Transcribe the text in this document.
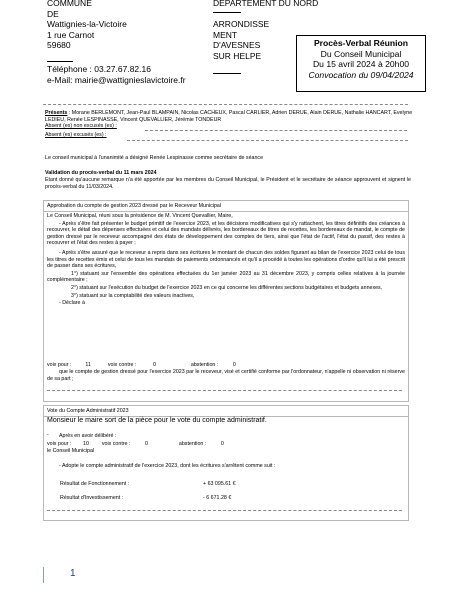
COMMUNE
DE
Wattignies-la-Victoire
1 rue Carnot
59680
Téléphone : 03.27.67.82.16
e-Mail: mairie@wattignieslavictoire.fr
DEPARTEMENT DU NORD
ARRONDISSE
MENT
D'AVESNES
SUR HELPE
Procès-Verbal Réunion
Du Conseil Municipal
Du 15 avril 2024 à 20h00
Convocation du 09/04/2024
Présents : Morane BERLEMONT, Jean-Paul BLAMPAIN, Nicolas CACHEUX, Pascal CARLIER, Adrien DERUE, Alain DERUE, Nathalie HANCART, Evelyne LEDIEU, Renée LESPINASSE, Vincent QUEVALLIER, Jérémie TONDEUR
Absent (es) non excusés (es) :
Absent (es) excusés (es) :
Le conseil municipal à l'unanimité a désigné Renée Lespinasse comme secrétaire de séance
Validation du procès-verbal du 11 mars 2024
Etant donné qu'aucune remarque n'a été apportée par les membres du Conseil Municipal, le Président et le secrétaire de séance approuvent et signent le procès-verbal du 11/03/2024.
Approbation du compte de gestion 2023 dressé par le Receveur Municipal
Le Conseil Municipal, réuni sous la présidence de M. Vincent Quevallier, Maire,
- Après s'être fait présenter le budget primitif de l'exercice 2023, et les décisions modificatives qui s'y rattachent, les titres définitifs des créances à recouvrer, le détail des dépenses effectuées et celui des mandats délivrés, les bordereaux de titres de recettes, les bordereaux de mandat, le compte de gestion dressé par le receveur accompagné des états de développement des comptes de tiers, ainsi que l'état de l'actif, l'état du passif, des restes à recouvrer et l'état des restes à payer ;
- Après s'être assuré que le receveur a repris dans ses écritures le montant de chacun des soldes figurant au bilan de l'exercice 2023 celui de tous les titres de recettes émis et celui de tous les mandats de paiements ordonnancés et qu'il a procédé à toutes les opérations d'ordre qu'il lui a été prescrit de passer dans ses écritures,
1°) statuant sur l'ensemble des opérations effectuées du 1er janvier 2023 au 31 décembre 2023, y compris celles relatives à la journée complémentaire ;
2°) statuant sur l'exécution du budget de l'exercice 2023 en ce qui concerne les différentes sections budgétaires et budgets annexes,
3°) statuant sur la comptabilité des valeurs inactives,
- Déclare à
voix pour :	11	voix contre :	0	abstention :	0
que le compte de gestion dressé pour l'exercice 2023 par le receveur, visé et certifié conforme par l'ordonnateur, n'appelle ni observation ni réserve de sa part ;
Vote du Compte Administratif 2023
Monsieur le maire sort de la pièce pour le vote du compte administratif.
- Après en avoir délibéré :
voix pour : 10 voix contre :	0	abstention :	0
le Conseil Municipal
- Adopte le compte administratif de l'exercice 2023, dont les écritures s'arrêtent comme suit :
Résultat de Fonctionnement :	+ 63 095.61 €
Résultat d'Investissement :	- 6 671.28 €
1
